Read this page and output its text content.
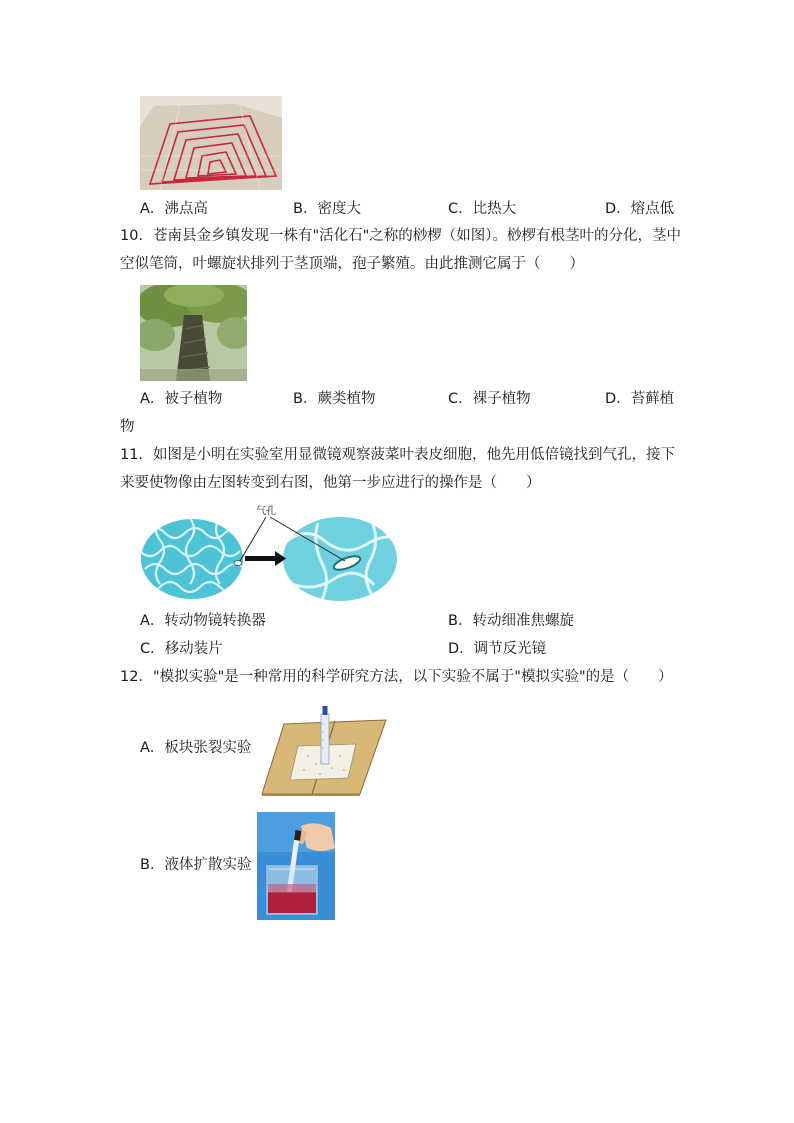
A．沸点高	B．密度大	C．比热大	D．熔点低
10．苍南县金乡镇发现一株有"活化石"之称的桫椤（如图）。桫椤有根茎叶的分化，茎中
空似笔筒，叶螺旋状排列于茎顶端，孢子繁殖。由此推测它属于（　　）
A．被子植物	B．蕨类植物	C．裸子植物	D．苔藓植
物
11．如图是小明在实验室用显微镜观察菠菜叶表皮细胞，他先用低倍镜找到气孔，接下
来要使物像由左图转变到右图，他第一步应进行的操作是（　　）
气孔
A．转动物镜转换器	B．转动细准焦螺旋
C．移动装片	D．调节反光镜
12．"模拟实验"是一种常用的科学研究方法，以下实验不属于"模拟实验"的是（　　）
A．板块张裂实验
B．液体扩散实验
